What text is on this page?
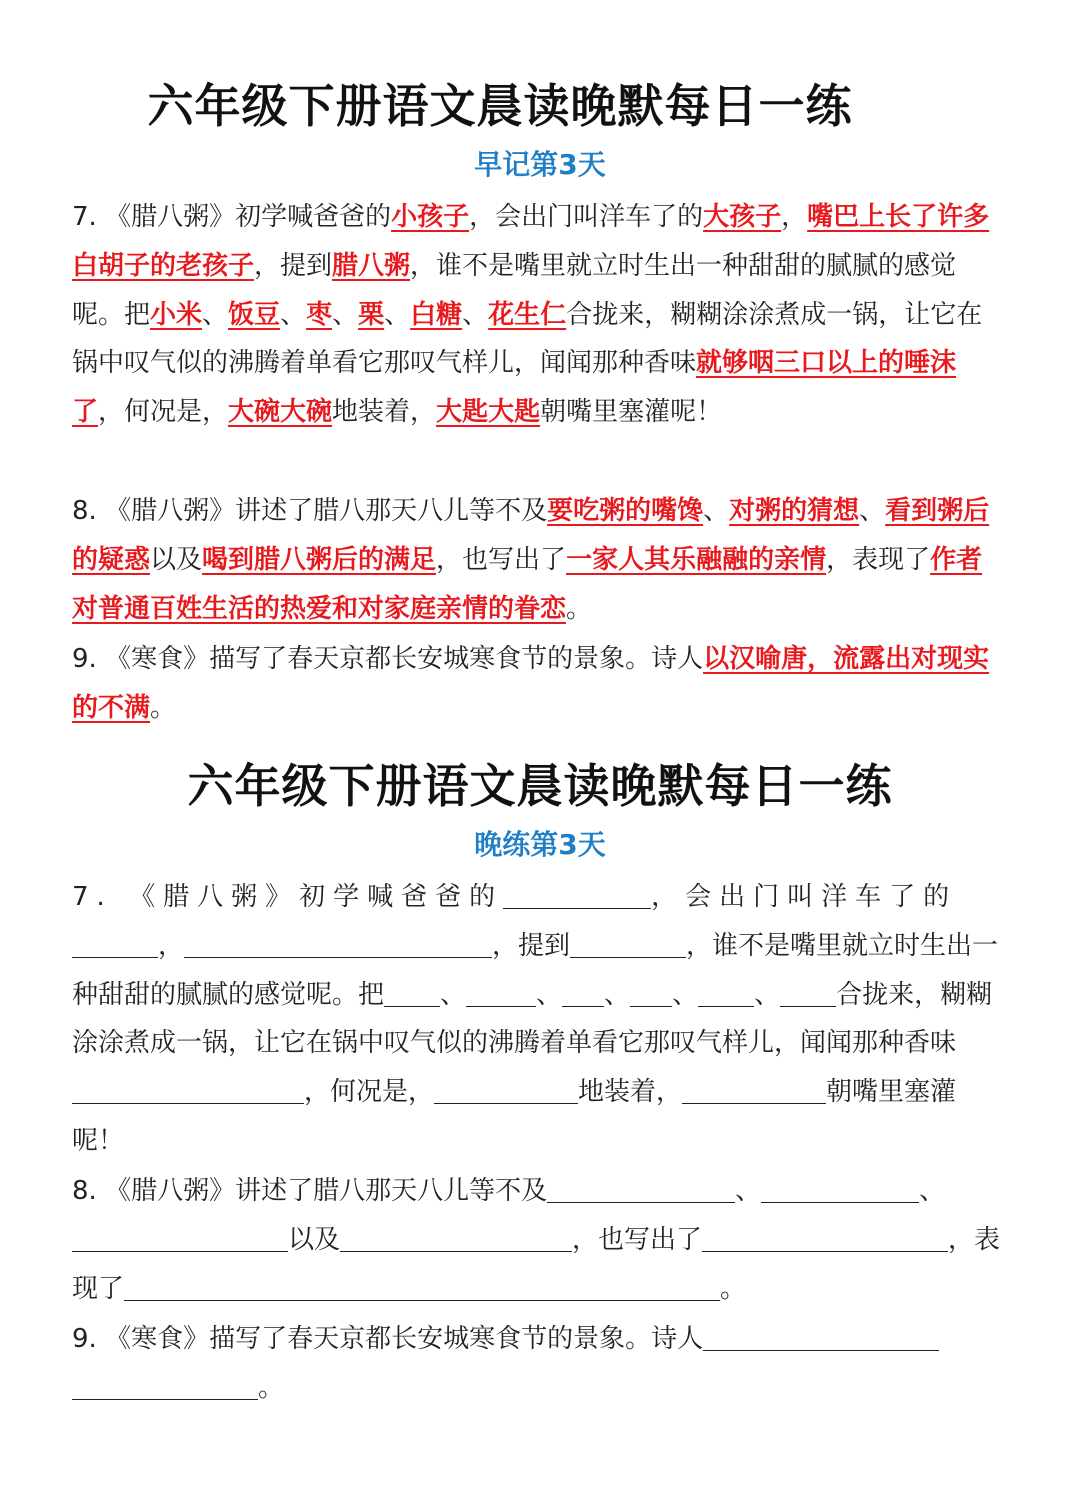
六年级下册语文晨读晚默每日一练
早记第3天
7. 《腊八粥》初学喊爸爸的小孩子，会出门叫洋车了的大孩子，嘴巴上长了许多白胡子的老孩子，提到腊八粥，谁不是嘴里就立时生出一种甜甜的腻腻的感觉呢。把小米、饭豆、枣、栗、白糖、花生仁合拢来，糊糊涂涂煮成一锅，让它在锅中叹气似的沸腾着单看它那叹气样儿，闻闻那种香味就够咽三口以上的唾沫了，何况是，大碗大碗地装着，大匙大匙朝嘴里塞灌呢！
8. 《腊八粥》讲述了腊八那天八儿等不及要吃粥的嘴馋、对粥的猜想、看到粥后的疑惑以及喝到腊八粥后的满足，也写出了一家人其乐融融的亲情，表现了作者对普通百姓生活的热爱和对家庭亲情的眷恋。
9. 《寒食》描写了春天京都长安城寒食节的景象。诗人以汉喻唐，流露出对现实的不满。
六年级下册语文晨读晚默每日一练
晚练第3天
7. 《腊八粥》初学喊爸爸的	，会出门叫洋车了的，	，提到	，谁不是嘴里就立时生出一种甜甜的腻腻的感觉呢。把 、	、 、 、 、 合拢来，糊糊涂涂煮成一锅，让它在锅中叹气似的沸腾着单看它那叹气样儿，闻闻那种香味，何况是，	地装着，	朝嘴里塞灌呢！
8. 《腊八粥》讲述了腊八那天八儿等不及	、	、以及	，也写出了	，表现了	。
9. 《寒食》描写了春天京都长安城寒食节的景象。诗人。
